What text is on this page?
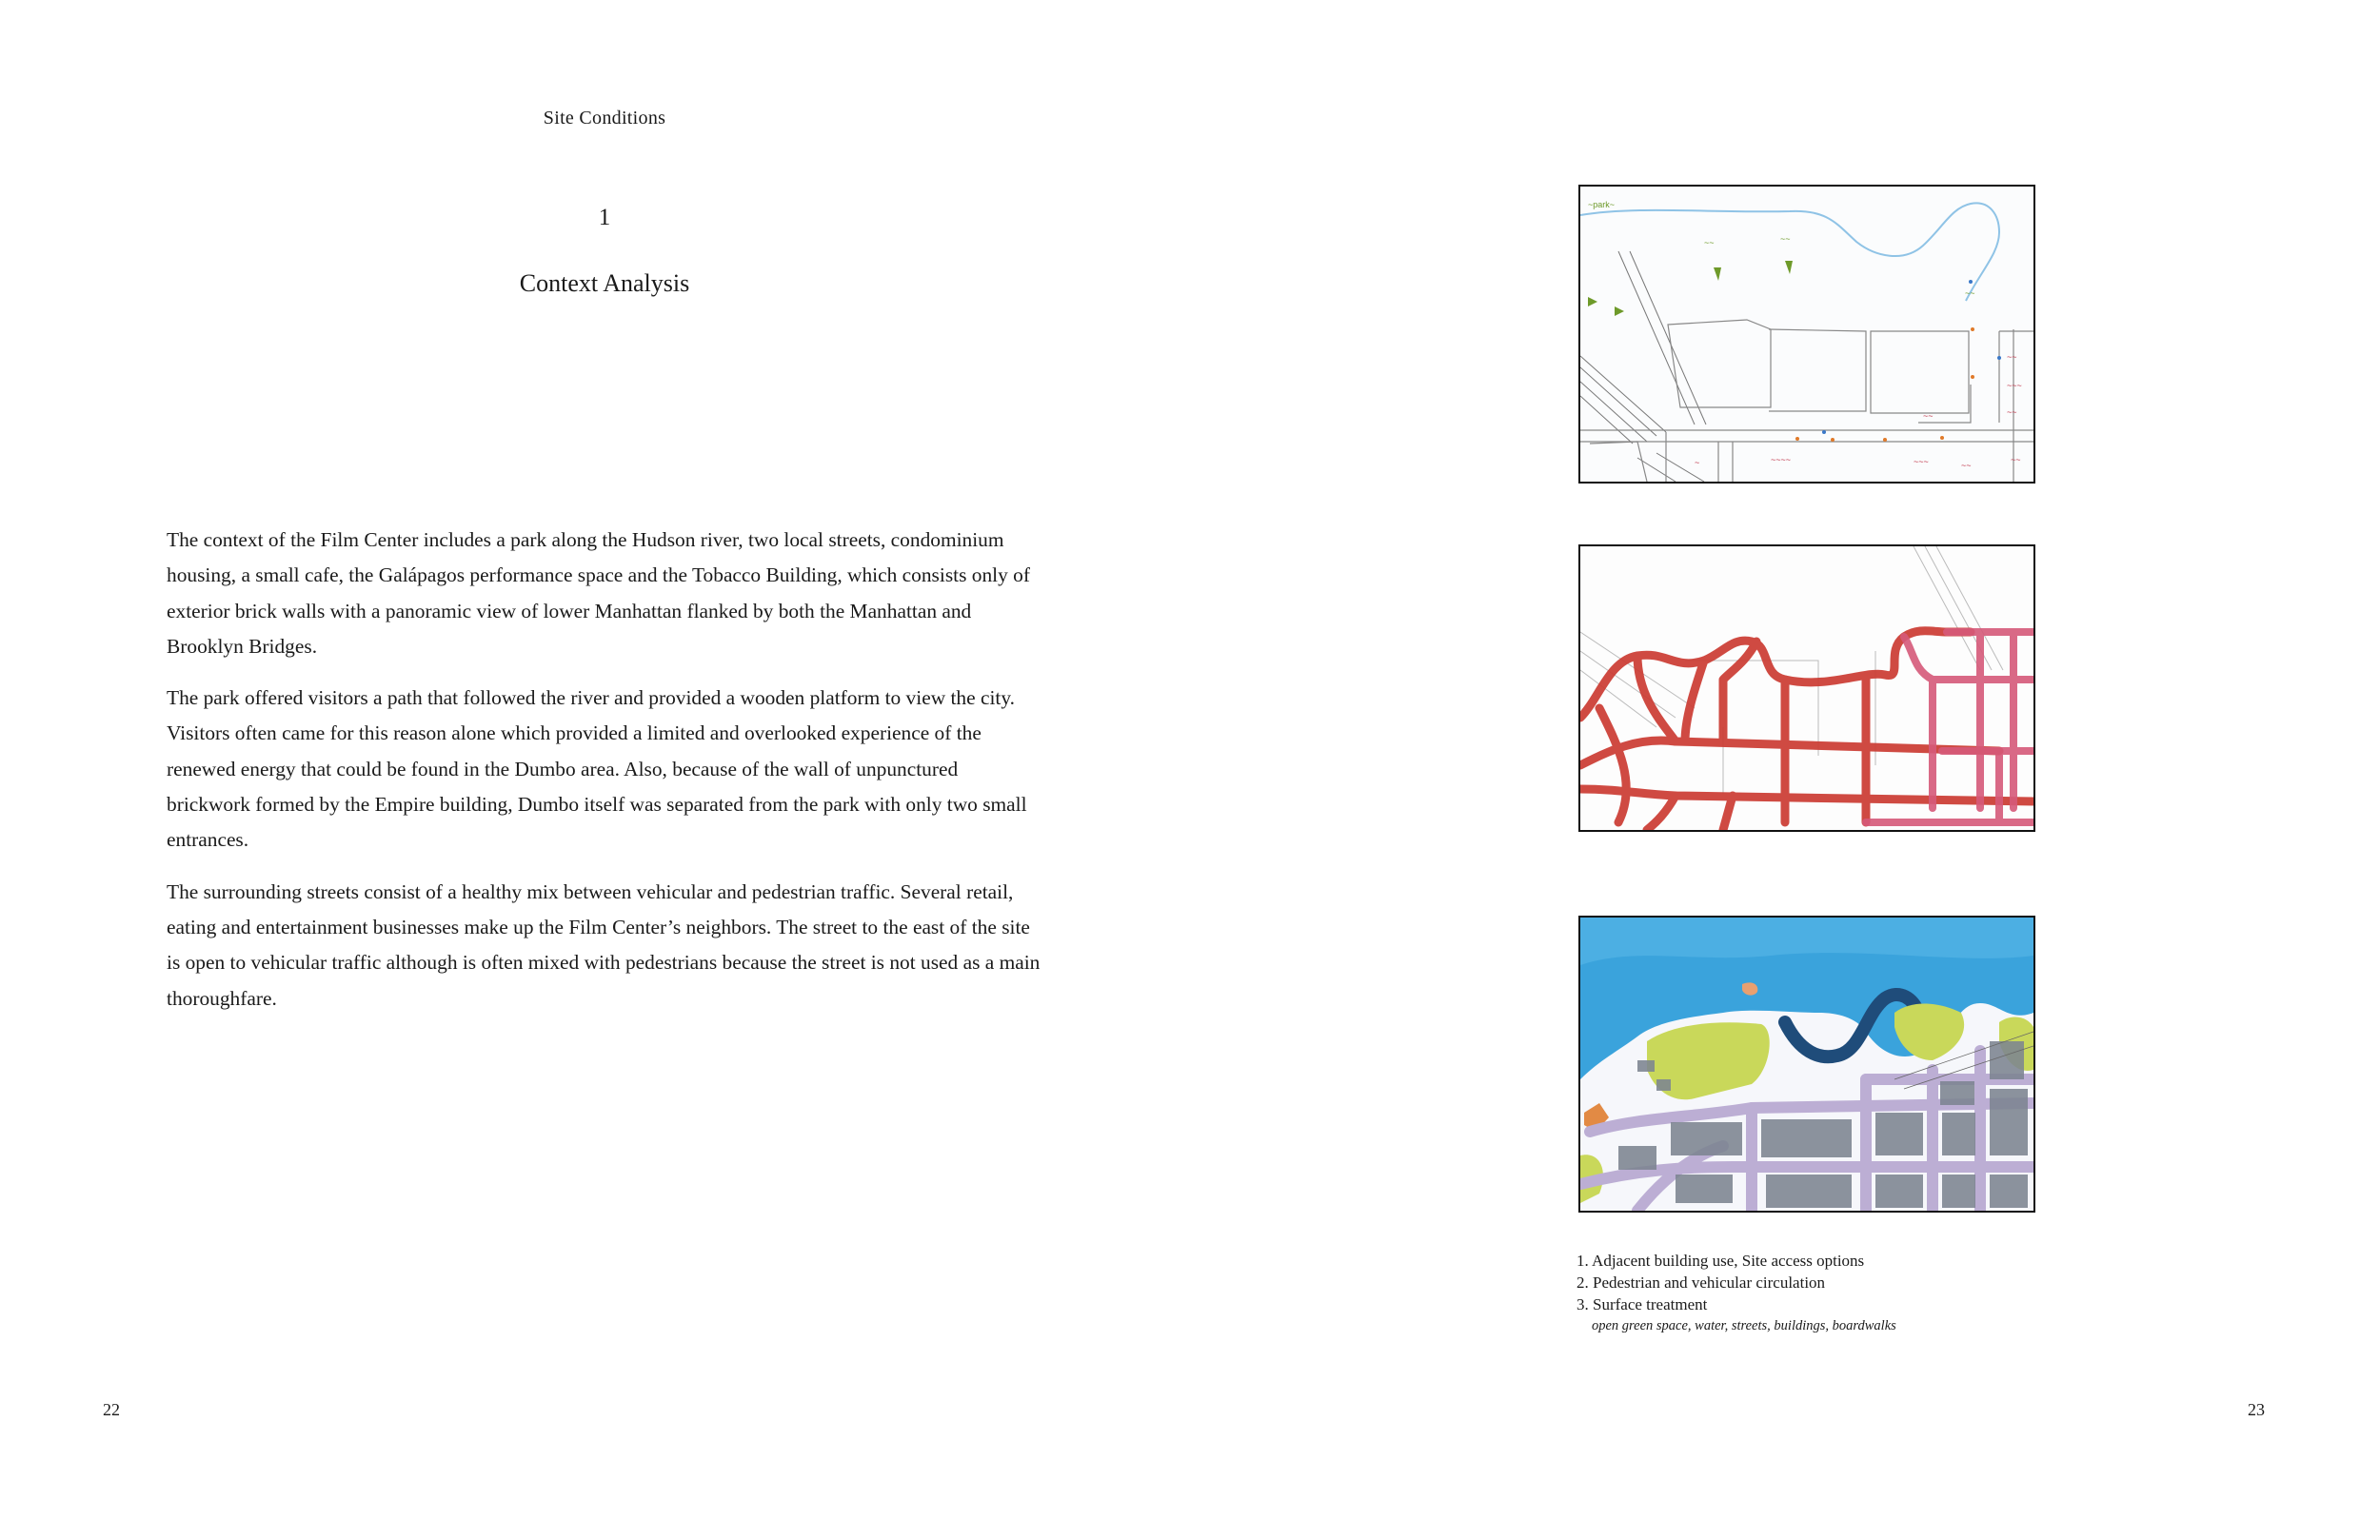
Site Conditions
1
Context Analysis

The context of the Film Center includes a park along the Hudson river, two local streets, condominium housing, a small cafe, the Galápagos performance space and the Tobacco Building, which consists only of exterior brick walls with a panoramic view of lower Manhattan flanked by both the Manhattan and Brooklyn Bridges.

The park offered visitors a path that followed the river and provided a wooden platform to view the city. Visitors often came for this reason alone which provided a limited and overlooked experience of the renewed energy that could be found in the Dumbo area. Also, because of the wall of unpunctured brickwork formed by the Empire building, Dumbo itself was separated from the park with only two small entrances.

The surrounding streets consist of a healthy mix between vehicular and pedestrian traffic. Several retail, eating and entertainment businesses make up the Film Center’s neighbors. The street to the east of the site is open to vehicular traffic although is often mixed with pedestrians because the street is not used as a main thoroughfare.

22
~park~
~~	~~
~~
~~
~~
~~~
~~
~~~~	~~~	~~
~~
~
1. Adjacent building use, Site access options
2. Pedestrian and vehicular circulation
3. Surface treatment
open green space, water, streets, buildings, boardwalks
23
